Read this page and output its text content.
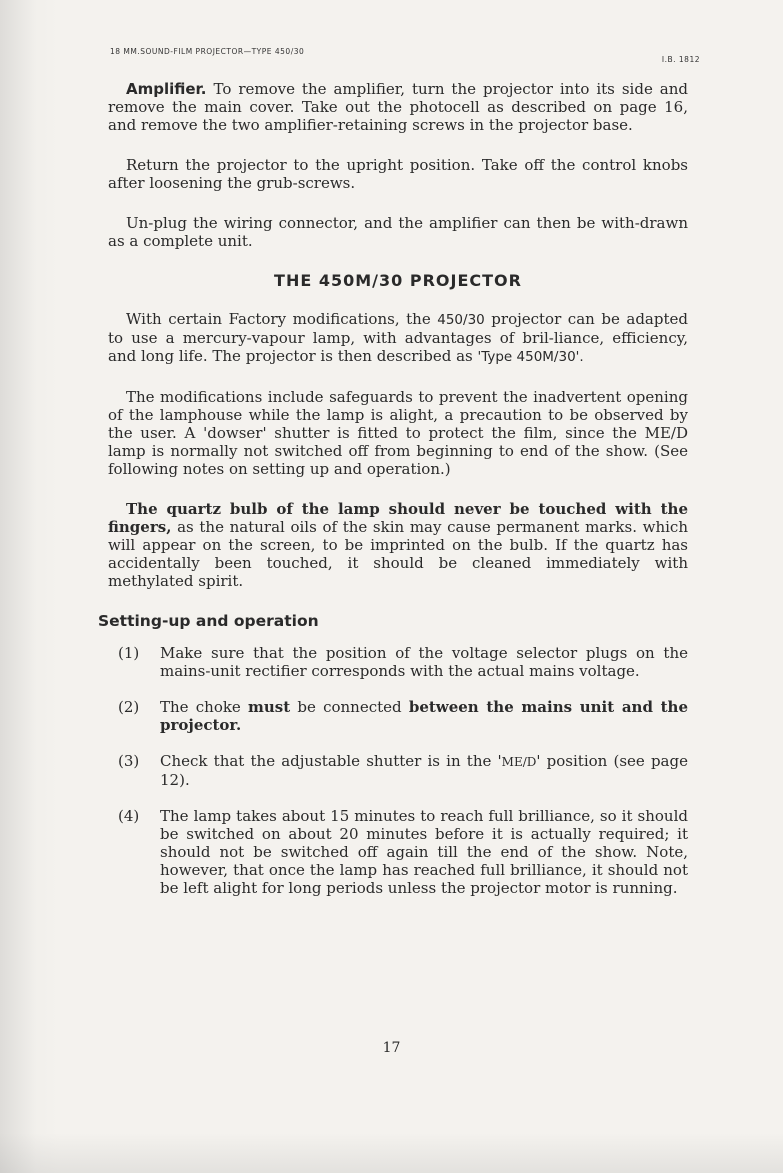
18 MM.SOUND-FILM PROJECTOR—TYPE 450/30
I.B. 1812

Amplifier. To remove the amplifier, turn the projector into its side and remove the main cover. Take out the photocell as described on page 16, and remove the two amplifier-retaining screws in the projector base.

Return the projector to the upright position. Take off the control knobs after loosening the grub-screws.

Un-plug the wiring connector, and the amplifier can then be with-drawn as a complete unit.

THE 450M/30 PROJECTOR

With certain Factory modifications, the 450/30 projector can be adapted to use a mercury-vapour lamp, with advantages of bril-liance, efficiency, and long life. The projector is then described as 'Type 450M/30'.

The modifications include safeguards to prevent the inadvertent opening of the lamphouse while the lamp is alight, a precaution to be observed by the user. A 'dowser' shutter is fitted to protect the film, since the ME/D lamp is normally not switched off from beginning to end of the show. (See following notes on setting up and operation.)

The quartz bulb of the lamp should never be touched with the fingers, as the natural oils of the skin may cause permanent marks. which will appear on the screen, to be imprinted on the bulb. If the quartz has accidentally been touched, it should be cleaned immediately with methylated spirit.

Setting-up and operation
(1) Make sure that the position of the voltage selector plugs on the mains-unit rectifier corresponds with the actual mains voltage.
(2) The choke must be connected between the mains unit and the projector.
(3) Check that the adjustable shutter is in the 'ME/D' position (see page 12).
(4) The lamp takes about 15 minutes to reach full brilliance, so it should be switched on about 20 minutes before it is actually required; it should not be switched off again till the end of the show. Note, however, that once the lamp has reached full brilliance, it should not be left alight for long periods unless the projector motor is running.
17
